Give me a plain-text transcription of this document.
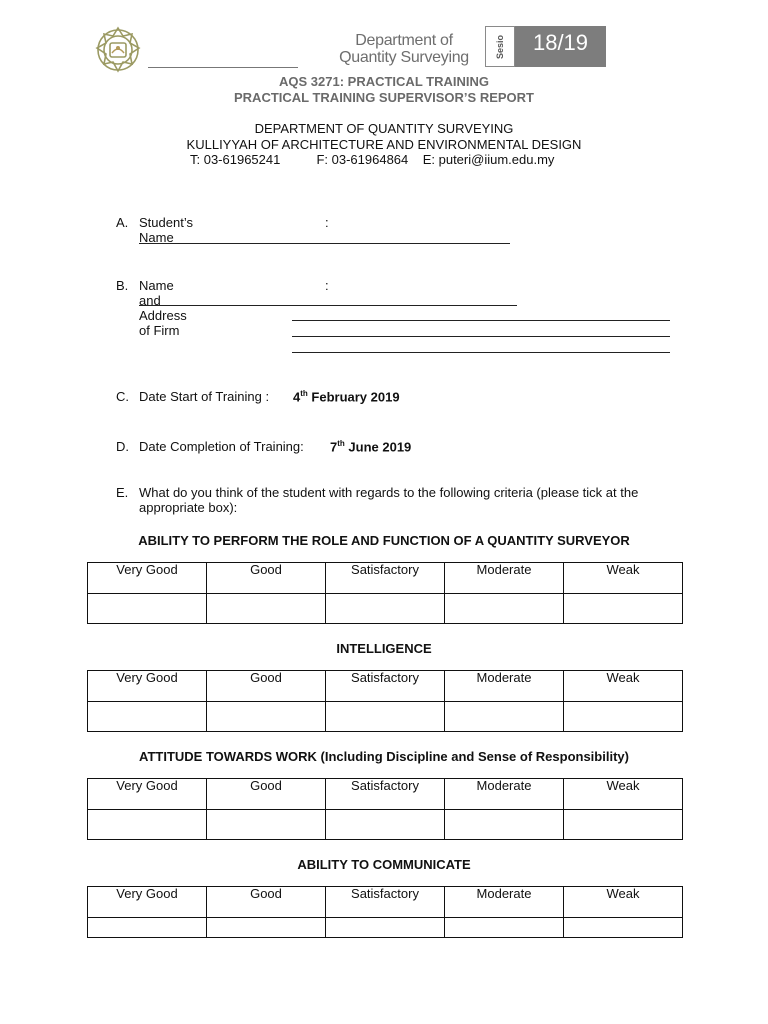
Department of
Quantity Surveying	Sesio	18/19
AQS 3271: PRACTICAL TRAINING
PRACTICAL TRAINING SUPERVISOR’S REPORT
DEPARTMENT OF QUANTITY SURVEYING
KULLIYYAH OF ARCHITECTURE AND ENVIRONMENTAL DESIGN
T: 03-61965241          F: 03-61964864    E: puteri@iium.edu.my
A. Student’s Name
:
B. Name and Address of Firm
:
C. Date Start of Training : 4th February 2019
D. Date Completion of Training: 7th June 2019
E. What do you think of the student with regards to the following criteria (please tick at the appropriate box):
ABILITY TO PERFORM THE ROLE AND FUNCTION OF A QUANTITY SURVEYOR
Very Good	Good	Satisfactory	Moderate	Weak

INTELLIGENCE
Very Good	Good	Satisfactory	Moderate	Weak

ATTITUDE TOWARDS WORK (Including Discipline and Sense of Responsibility)
Very Good	Good	Satisfactory	Moderate	Weak

ABILITY TO COMMUNICATE
Very Good	Good	Satisfactory	Moderate	Weak
